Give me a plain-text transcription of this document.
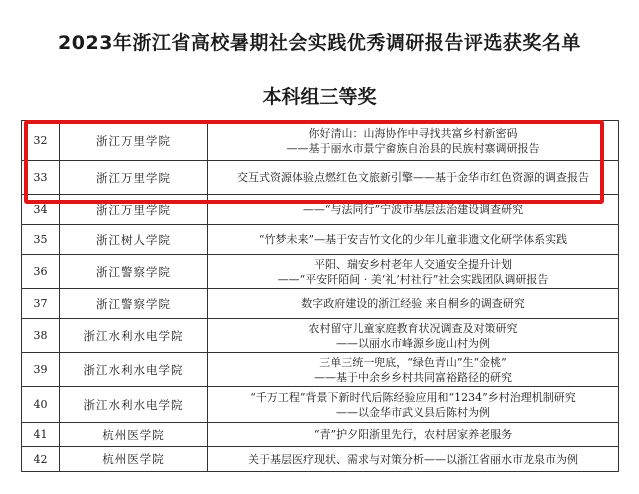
2023年浙江省高校暑期社会实践优秀调研报告评选获奖名单
本科组三等奖
32	浙江万里学院	你好清山：山海协作中寻找共富乡村新密码
——基于丽水市景宁畲族自治县的民族村寨调研报告

33	浙江万里学院	交互式资源体验点燃红色文旅新引擎——基于金华市红色资源的调查报告

34	浙江万里学院	——“与法同行”宁波市基层法治建设调查研究

35	浙江树人学院	“竹梦未来”—基于安吉竹文化的少年儿童非遗文化研学体系实践

36	浙江警察学院	平阳、瑞安乡村老年人交通安全提升计划
——“平安阡陌间 · 美‘礼’村社行”社会实践团队调研报告

37	浙江警察学院	数字政府建设的浙江经验 来自桐乡的调查研究

38	浙江水利水电学院	农村留守儿童家庭教育状况调查及对策研究
——以丽水市峰源乡庞山村为例

39	浙江水利水电学院	三单三统一兜底，“绿色青山”生“金桃”
——基于中余乡乡村共同富裕路径的研究

40	浙江水利水电学院	“千万工程”背景下新时代后陈经验应用和“1234”乡村治理机制研究
——以金华市武义县后陈村为例

41	杭州医学院	“青”护夕阳浙里先行，农村居家养老服务

42	杭州医学院	关于基层医疗现状、需求与对策分析——以浙江省丽水市龙泉市为例
